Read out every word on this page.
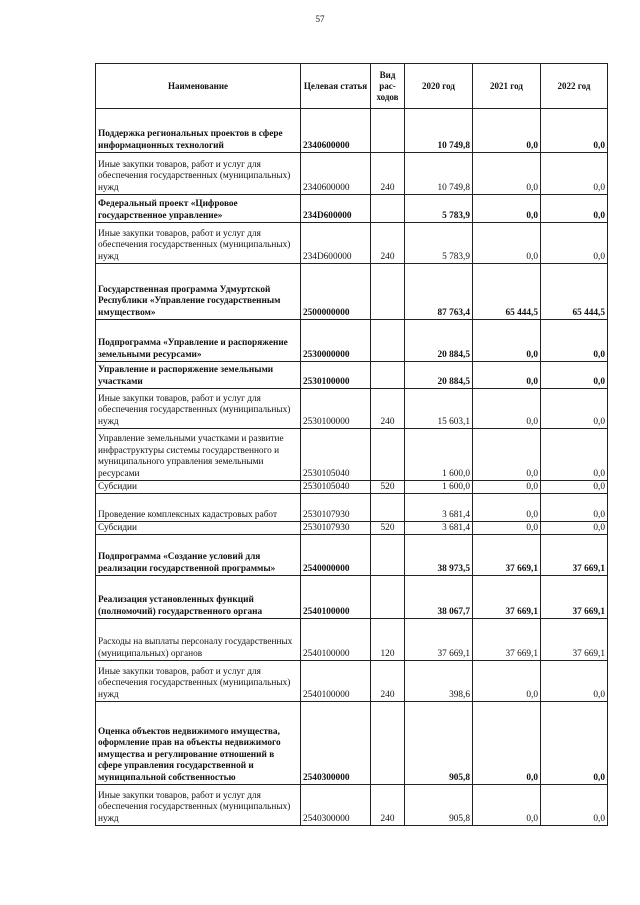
57
Наименование	Целевая статья	Вид рас-ходов	2020 год	2021 год	2022 год
Поддержка региональных проектов в сфере информационных технологий	2340600000		10 749,8	0,0	0,0
Иные закупки товаров, работ и услуг для обеспечения государственных (муниципальных) нужд	2340600000	240	10 749,8	0,0	0,0
Федеральный проект «Цифровое государственное управление»	234D600000		5 783,9	0,0	0,0
Иные закупки товаров, работ и услуг для обеспечения государственных (муниципальных) нужд	234D600000	240	5 783,9	0,0	0,0
Государственная программа Удмуртской Республики «Управление государственным имуществом»	2500000000		87 763,4	65 444,5	65 444,5
Подпрограмма «Управление и распоряжение земельными ресурсами»	2530000000		20 884,5	0,0	0,0
Управление и распоряжение земельными участками	2530100000		20 884,5	0,0	0,0
Иные закупки товаров, работ и услуг для обеспечения государственных (муниципальных) нужд	2530100000	240	15 603,1	0,0	0,0
Управление земельными участками и развитие инфраструктуры системы государственного и муниципального управления земельными ресурсами	2530105040		1 600,0	0,0	0,0
Субсидии	2530105040	520	1 600,0	0,0	0,0
Проведение комплексных кадастровых работ	2530107930		3 681,4	0,0	0,0
Субсидии	2530107930	520	3 681,4	0,0	0,0
Подпрограмма «Создание условий для реализации государственной программы»	2540000000		38 973,5	37 669,1	37 669,1
Реализация установленных функций (полномочий) государственного органа	2540100000		38 067,7	37 669,1	37 669,1
Расходы на выплаты персоналу государственных (муниципальных) органов	2540100000	120	37 669,1	37 669,1	37 669,1
Иные закупки товаров, работ и услуг для обеспечения государственных (муниципальных) нужд	2540100000	240	398,6	0,0	0,0
Оценка объектов недвижимого имущества, оформление прав на объекты недвижимого имущества и регулирование отношений в сфере управления государственной и муниципальной собственностью	2540300000		905,8	0,0	0,0
Иные закупки товаров, работ и услуг для обеспечения государственных (муниципальных) нужд	2540300000	240	905,8	0,0	0,0
